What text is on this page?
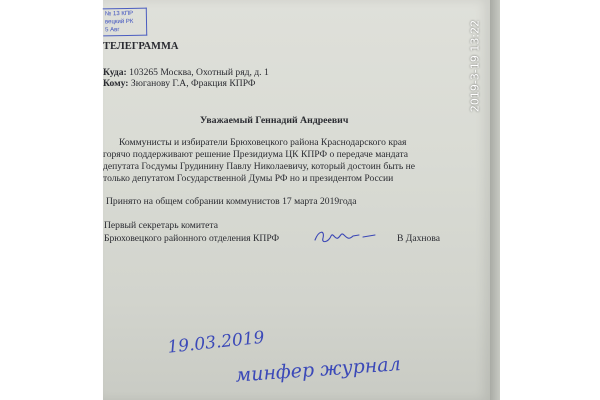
ТЕЛЕГРАММА
Куда: 103265 Москва, Охотный ряд, д. 1
Кому: Зюганову Г.А, Фракция КПРФ
Уважаемый Геннадий Андреевич
Коммунисты и избиратели Брюховецкого района Краснодарского края
горячо поддерживают решение Президиума ЦК КПРФ о передаче мандата
депутата Госдумы Грудинину Павлу Николаевичу, который достоин быть не
только депутатом Государственной Думы РФ но и президентом России
Принято на общем собрании коммунистов 17 марта 2019года
Первый секретарь комитета
Брюховецкого районного отделения КПРФ	В Дахнова
19.03.2019
минфер журнал
№ 13 КПР
вецкий РК
5 Авг	2019-3-19 13:22
